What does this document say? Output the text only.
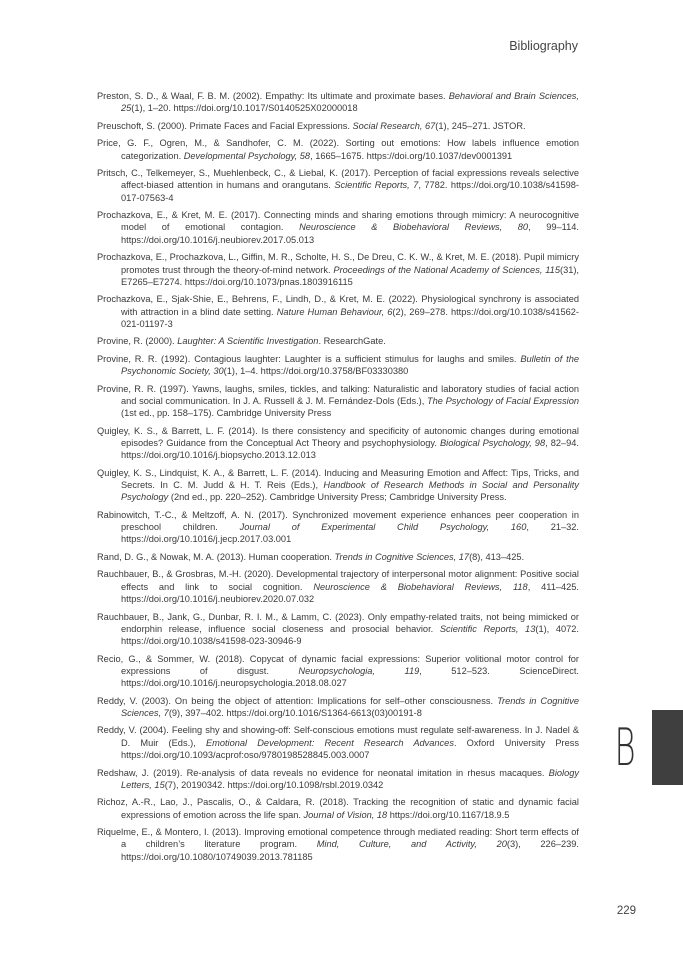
Bibliography

Preston, S. D., & Waal, F. B. M. (2002). Empathy: Its ultimate and proximate bases. Behavioral and Brain Sciences, 25(1), 1–20. https://doi.org/10.1017/S0140525X02000018

Preuschoft, S. (2000). Primate Faces and Facial Expressions. Social Research, 67(1), 245–271. JSTOR.

Price, G. F., Ogren, M., & Sandhofer, C. M. (2022). Sorting out emotions: How labels influence emotion categorization. Developmental Psychology, 58, 1665–1675. https://doi.org/10.1037/dev0001391

Pritsch, C., Telkemeyer, S., Muehlenbeck, C., & Liebal, K. (2017). Perception of facial expressions reveals selective affect-biased attention in humans and orangutans. Scientific Reports, 7, 7782. https://doi.org/10.1038/s41598-017-07563-4

Prochazkova, E., & Kret, M. E. (2017). Connecting minds and sharing emotions through mimicry: A neurocognitive model of emotional contagion. Neuroscience & Biobehavioral Reviews, 80, 99–114. https://doi.org/10.1016/j.neubiorev.2017.05.013

Prochazkova, E., Prochazkova, L., Giffin, M. R., Scholte, H. S., De Dreu, C. K. W., & Kret, M. E. (2018). Pupil mimicry promotes trust through the theory-of-mind network. Proceedings of the National Academy of Sciences, 115(31), E7265–E7274. https://doi.org/10.1073/pnas.1803916115

Prochazkova, E., Sjak-Shie, E., Behrens, F., Lindh, D., & Kret, M. E. (2022). Physiological synchrony is associated with attraction in a blind date setting. Nature Human Behaviour, 6(2), 269–278. https://doi.org/10.1038/s41562-021-01197-3

Provine, R. (2000). Laughter: A Scientific Investigation. ResearchGate.

Provine, R. R. (1992). Contagious laughter: Laughter is a sufficient stimulus for laughs and smiles. Bulletin of the Psychonomic Society, 30(1), 1–4. https://doi.org/10.3758/BF03330380

Provine, R. R. (1997). Yawns, laughs, smiles, tickles, and talking: Naturalistic and laboratory studies of facial action and social communication. In J. A. Russell & J. M. Fernández-Dols (Eds.), The Psychology of Facial Expression (1st ed., pp. 158–175). Cambridge University Press

Quigley, K. S., & Barrett, L. F. (2014). Is there consistency and specificity of autonomic changes during emotional episodes? Guidance from the Conceptual Act Theory and psychophysiology. Biological Psychology, 98, 82–94. https://doi.org/10.1016/j.biopsycho.2013.12.013

Quigley, K. S., Lindquist, K. A., & Barrett, L. F. (2014). Inducing and Measuring Emotion and Affect: Tips, Tricks, and Secrets. In C. M. Judd & H. T. Reis (Eds.), Handbook of Research Methods in Social and Personality Psychology (2nd ed., pp. 220–252). Cambridge University Press; Cambridge University Press.

Rabinowitch, T.-C., & Meltzoff, A. N. (2017). Synchronized movement experience enhances peer cooperation in preschool children. Journal of Experimental Child Psychology, 160, 21–32. https://doi.org/10.1016/j.jecp.2017.03.001

Rand, D. G., & Nowak, M. A. (2013). Human cooperation. Trends in Cognitive Sciences, 17(8), 413–425.

Rauchbauer, B., & Grosbras, M.-H. (2020). Developmental trajectory of interpersonal motor alignment: Positive social effects and link to social cognition. Neuroscience & Biobehavioral Reviews, 118, 411–425. https://doi.org/10.1016/j.neubiorev.2020.07.032

Rauchbauer, B., Jank, G., Dunbar, R. I. M., & Lamm, C. (2023). Only empathy-related traits, not being mimicked or endorphin release, influence social closeness and prosocial behavior. Scientific Reports, 13(1), 4072. https://doi.org/10.1038/s41598-023-30946-9

Recio, G., & Sommer, W. (2018). Copycat of dynamic facial expressions: Superior volitional motor control for expressions of disgust. Neuropsychologia, 119, 512–523. ScienceDirect. https://doi.org/10.1016/j.neuropsychologia.2018.08.027

Reddy, V. (2003). On being the object of attention: Implications for self–other consciousness. Trends in Cognitive Sciences, 7(9), 397–402. https://doi.org/10.1016/S1364-6613(03)00191-8

Reddy, V. (2004). Feeling shy and showing-off: Self-conscious emotions must regulate self-awareness. In J. Nadel & D. Muir (Eds.), Emotional Development: Recent Research Advances. Oxford University Press https://doi.org/10.1093/acprof:oso/9780198528845.003.0007

Redshaw, J. (2019). Re-analysis of data reveals no evidence for neonatal imitation in rhesus macaques. Biology Letters, 15(7), 20190342. https://doi.org/10.1098/rsbl.2019.0342

Richoz, A.-R., Lao, J., Pascalis, O., & Caldara, R. (2018). Tracking the recognition of static and dynamic facial expressions of emotion across the life span. Journal of Vision, 18 https://doi.org/10.1167/18.9.5

Riquelme, E., & Montero, I. (2013). Improving emotional competence through mediated reading: Short term effects of a children’s literature program. Mind, Culture, and Activity, 20(3), 226–239. https://doi.org/10.1080/10749039.2013.781185

B
229
